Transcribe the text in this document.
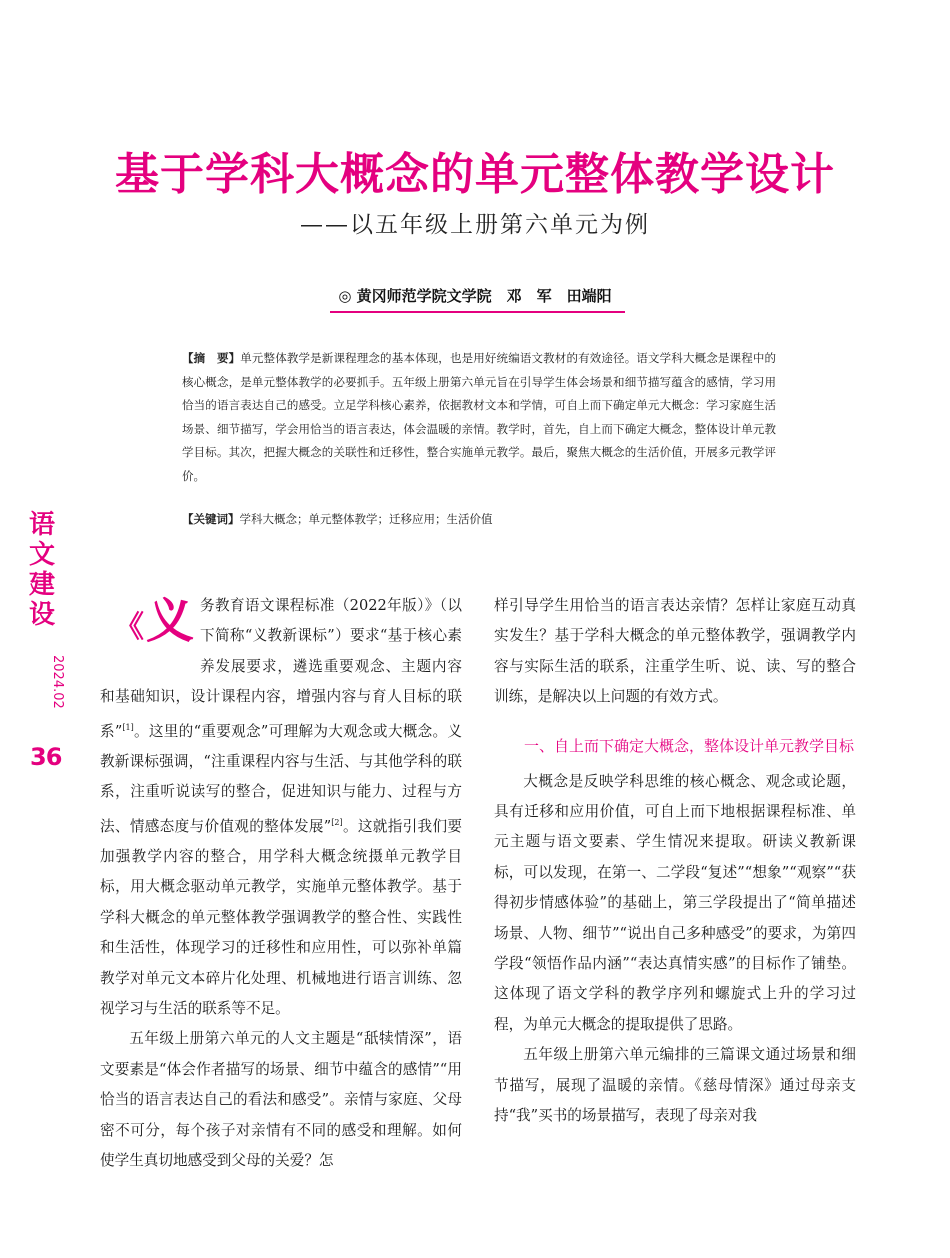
基于学科大概念的单元整体教学设计
——以五年级上册第六单元为例
◎ 黄冈师范学院文学院　邓　军　田端阳
【摘　要】单元整体教学是新课程理念的基本体现，也是用好统编语文教材的有效途径。语文学科大概念是课程中的核心概念，是单元整体教学的必要抓手。五年级上册第六单元旨在引导学生体会场景和细节描写蕴含的感情，学习用恰当的语言表达自己的感受。立足学科核心素养，依据教材文本和学情，可自上而下确定单元大概念：学习家庭生活场景、细节描写，学会用恰当的语言表达，体会温暖的亲情。教学时，首先，自上而下确定大概念，整体设计单元教学目标。其次，把握大概念的关联性和迁移性，整合实施单元教学。最后，聚焦大概念的生活价值，开展多元教学评价。
【关键词】学科大概念；单元整体教学；迁移应用；生活价值
语文建设
2024.02
36

《义 务教育语文课程标准（2022年版）》（以下简称“义教新课标”）要求“基于核心素养发展要求，遴选重要观念、主题内容和基础知识，设计课程内容，增强内容与育人目标的联系”[1]。这里的“重要观念”可理解为大观念或大概念。义教新课标强调，“注重课程内容与生活、与其他学科的联系，注重听说读写的整合，促进知识与能力、过程与方法、情感态度与价值观的整体发展”[2]。这就指引我们要加强教学内容的整合，用学科大概念统摄单元教学目标，用大概念驱动单元教学，实施单元整体教学。基于学科大概念的单元整体教学强调教学的整合性、实践性和生活性，体现学习的迁移性和应用性，可以弥补单篇教学对单元文本碎片化处理、机械地进行语言训练、忽视学习与生活的联系等不足。

五年级上册第六单元的人文主题是“舐犊情深”，语文要素是“体会作者描写的场景、细节中蕴含的感情”“用恰当的语言表达自己的看法和感受”。亲情与家庭、父母密不可分，每个孩子对亲情有不同的感受和理解。如何使学生真切地感受到父母的关爱？怎

样引导学生用恰当的语言表达亲情？怎样让家庭互动真实发生？基于学科大概念的单元整体教学，强调教学内容与实际生活的联系，注重学生听、说、读、写的整合训练，是解决以上问题的有效方式。

一、自上而下确定大概念，整体设计单元教学目标

大概念是反映学科思维的核心概念、观念或论题，具有迁移和应用价值，可自上而下地根据课程标准、单元主题与语文要素、学生情况来提取。研读义教新课标，可以发现，在第一、二学段“复述”“想象”“观察”“获得初步情感体验”的基础上，第三学段提出了“简单描述场景、人物、细节”“说出自己多种感受”的要求，为第四学段“领悟作品内涵”“表达真情实感”的目标作了铺垫。这体现了语文学科的教学序列和螺旋式上升的学习过程，为单元大概念的提取提供了思路。

五年级上册第六单元编排的三篇课文通过场景和细节描写，展现了温暖的亲情。《慈母情深》通过母亲支持“我”买书的场景描写，表现了母亲对我
